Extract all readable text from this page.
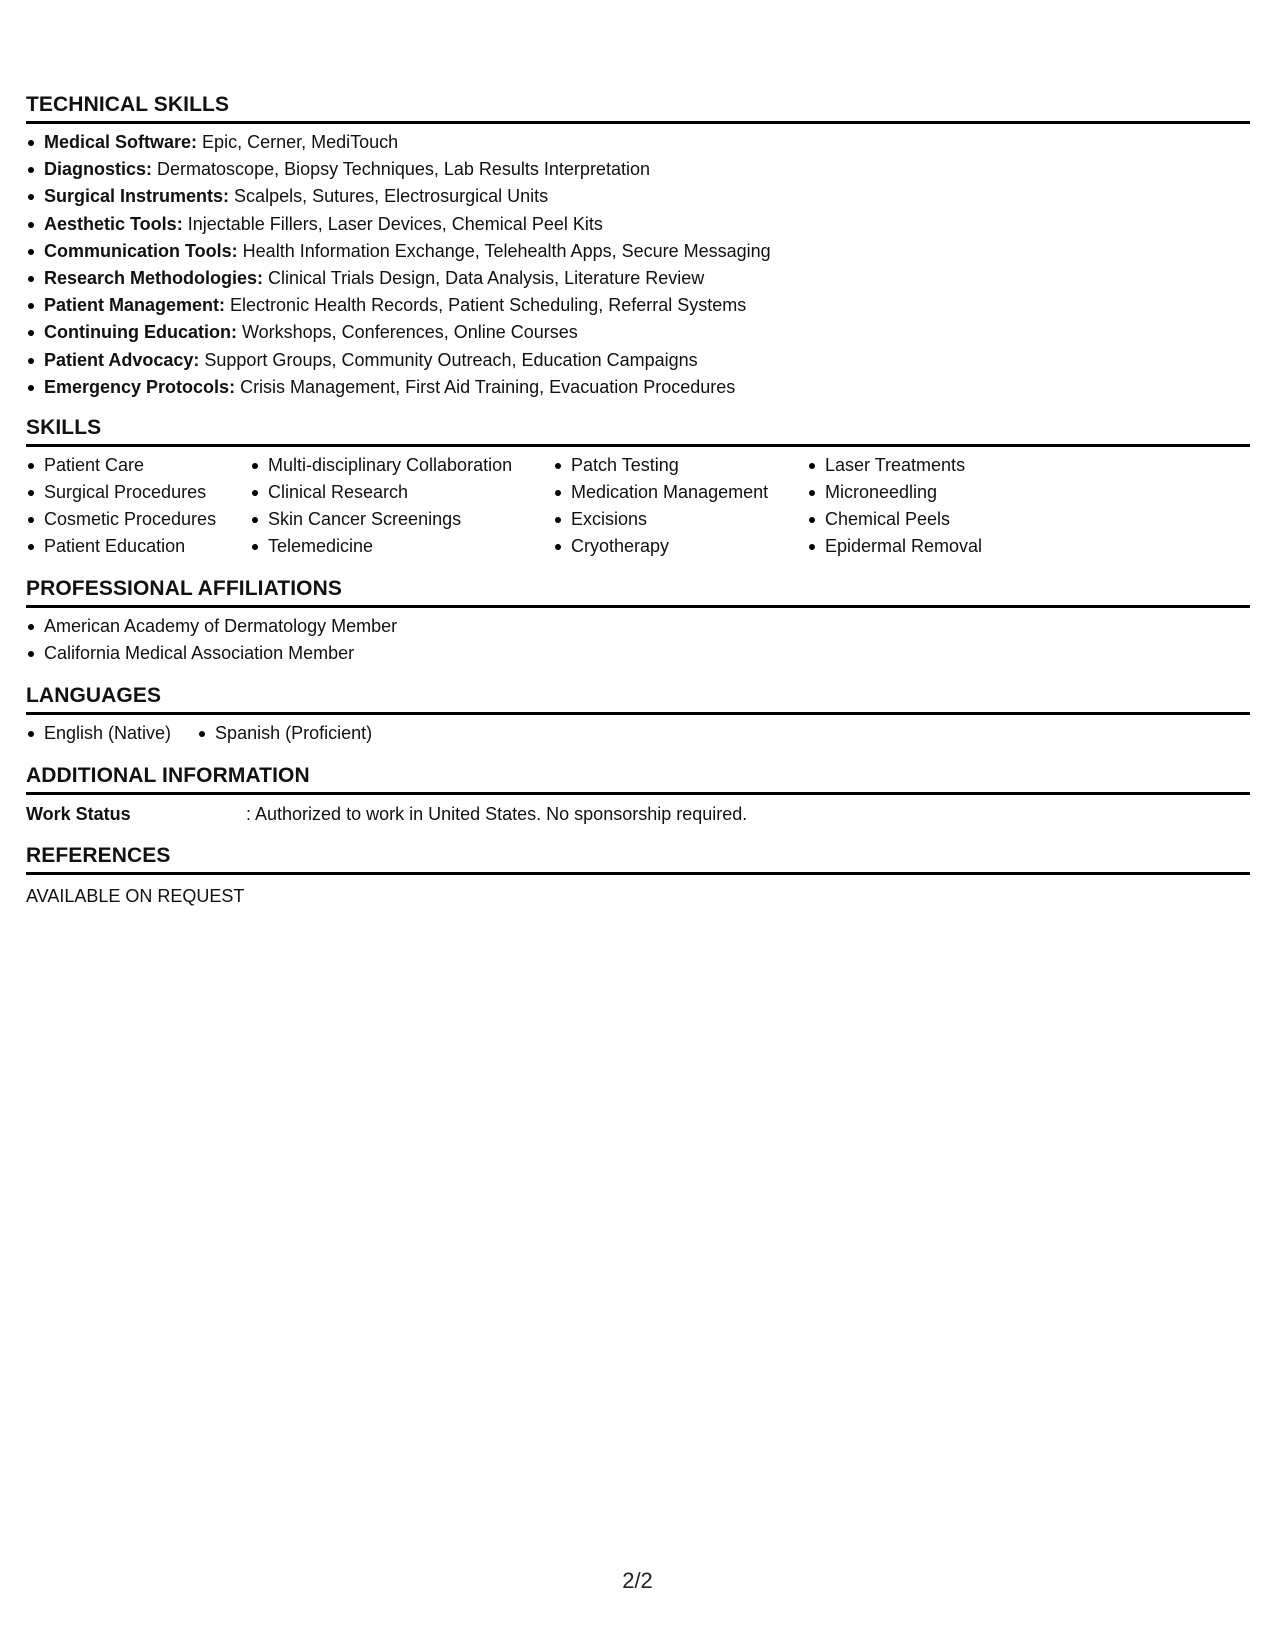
TECHNICAL SKILLS
Medical Software: Epic, Cerner, MediTouch
Diagnostics: Dermatoscope, Biopsy Techniques, Lab Results Interpretation
Surgical Instruments: Scalpels, Sutures, Electrosurgical Units
Aesthetic Tools: Injectable Fillers, Laser Devices, Chemical Peel Kits
Communication Tools: Health Information Exchange, Telehealth Apps, Secure Messaging
Research Methodologies: Clinical Trials Design, Data Analysis, Literature Review
Patient Management: Electronic Health Records, Patient Scheduling, Referral Systems
Continuing Education: Workshops, Conferences, Online Courses
Patient Advocacy: Support Groups, Community Outreach, Education Campaigns
Emergency Protocols: Crisis Management, First Aid Training, Evacuation Procedures
SKILLS
Patient Care
Surgical Procedures
Cosmetic Procedures
Patient Education
Multi-disciplinary Collaboration
Clinical Research
Skin Cancer Screenings
Telemedicine
Patch Testing
Medication Management
Excisions
Cryotherapy
Laser Treatments
Microneedling
Chemical Peels
Epidermal Removal
PROFESSIONAL AFFILIATIONS
American Academy of Dermatology Member
California Medical Association Member
LANGUAGES
English (Native)	Spanish (Proficient)
ADDITIONAL INFORMATION
Work Status	: Authorized to work in United States. No sponsorship required.
REFERENCES
AVAILABLE ON REQUEST
2/2
